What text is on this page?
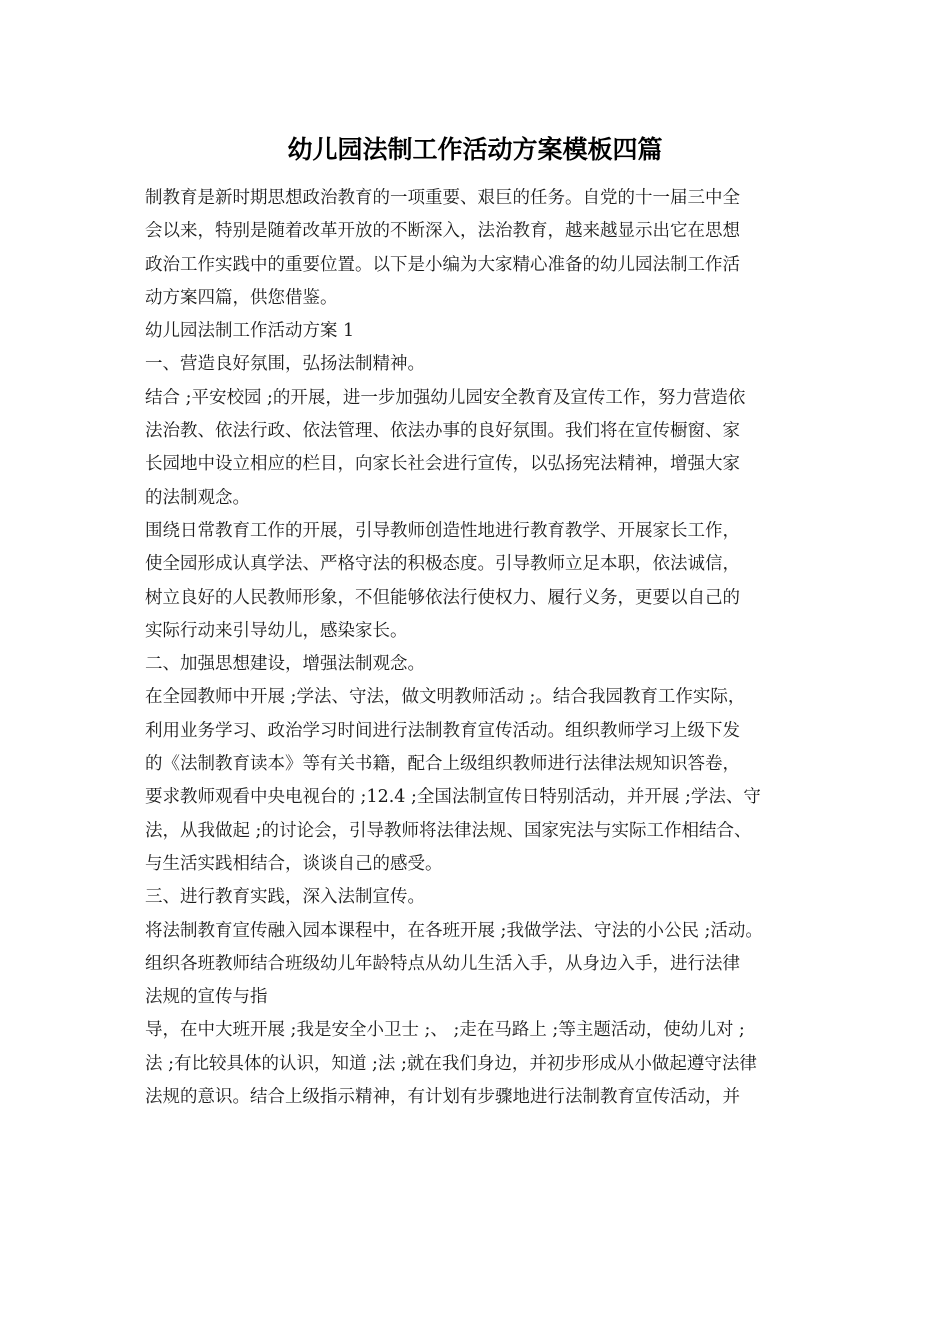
幼儿园法制工作活动方案模板四篇
制教育是新时期思想政治教育的一项重要、艰巨的任务。自党的十一届三中全
会以来，特别是随着改革开放的不断深入，法治教育，越来越显示出它在思想
政治工作实践中的重要位置。以下是小编为大家精心准备的幼儿园法制工作活
动方案四篇，供您借鉴。
幼儿园法制工作活动方案 1
一、营造良好氛围，弘扬法制精神。
结合 ;平安校园 ;的开展，进一步加强幼儿园安全教育及宣传工作，努力营造依
法治教、依法行政、依法管理、依法办事的良好氛围。我们将在宣传橱窗、家
长园地中设立相应的栏目，向家长社会进行宣传，以弘扬宪法精神，增强大家
的法制观念。
围绕日常教育工作的开展，引导教师创造性地进行教育教学、开展家长工作，
使全园形成认真学法、严格守法的积极态度。引导教师立足本职，依法诚信，
树立良好的人民教师形象，不但能够依法行使权力、履行义务，更要以自己的
实际行动来引导幼儿，感染家长。
二、加强思想建设，增强法制观念。
在全园教师中开展 ;学法、守法，做文明教师活动 ;。结合我园教育工作实际，
利用业务学习、政治学习时间进行法制教育宣传活动。组织教师学习上级下发
的《法制教育读本》等有关书籍，配合上级组织教师进行法律法规知识答卷，
要求教师观看中央电视台的 ;12.4 ;全国法制宣传日特别活动，并开展 ;学法、守
法，从我做起 ;的讨论会，引导教师将法律法规、国家宪法与实际工作相结合、
与生活实践相结合，谈谈自己的感受。
三、进行教育实践，深入法制宣传。
将法制教育宣传融入园本课程中，在各班开展 ;我做学法、守法的小公民 ;活动。
组织各班教师结合班级幼儿年龄特点从幼儿生活入手，从身边入手，进行法律
法规的宣传与指
导，在中大班开展 ;我是安全小卫士 ;、 ;走在马路上 ;等主题活动，使幼儿对 ;
法 ;有比较具体的认识，知道 ;法 ;就在我们身边，并初步形成从小做起遵守法律
法规的意识。结合上级指示精神，有计划有步骤地进行法制教育宣传活动，并
